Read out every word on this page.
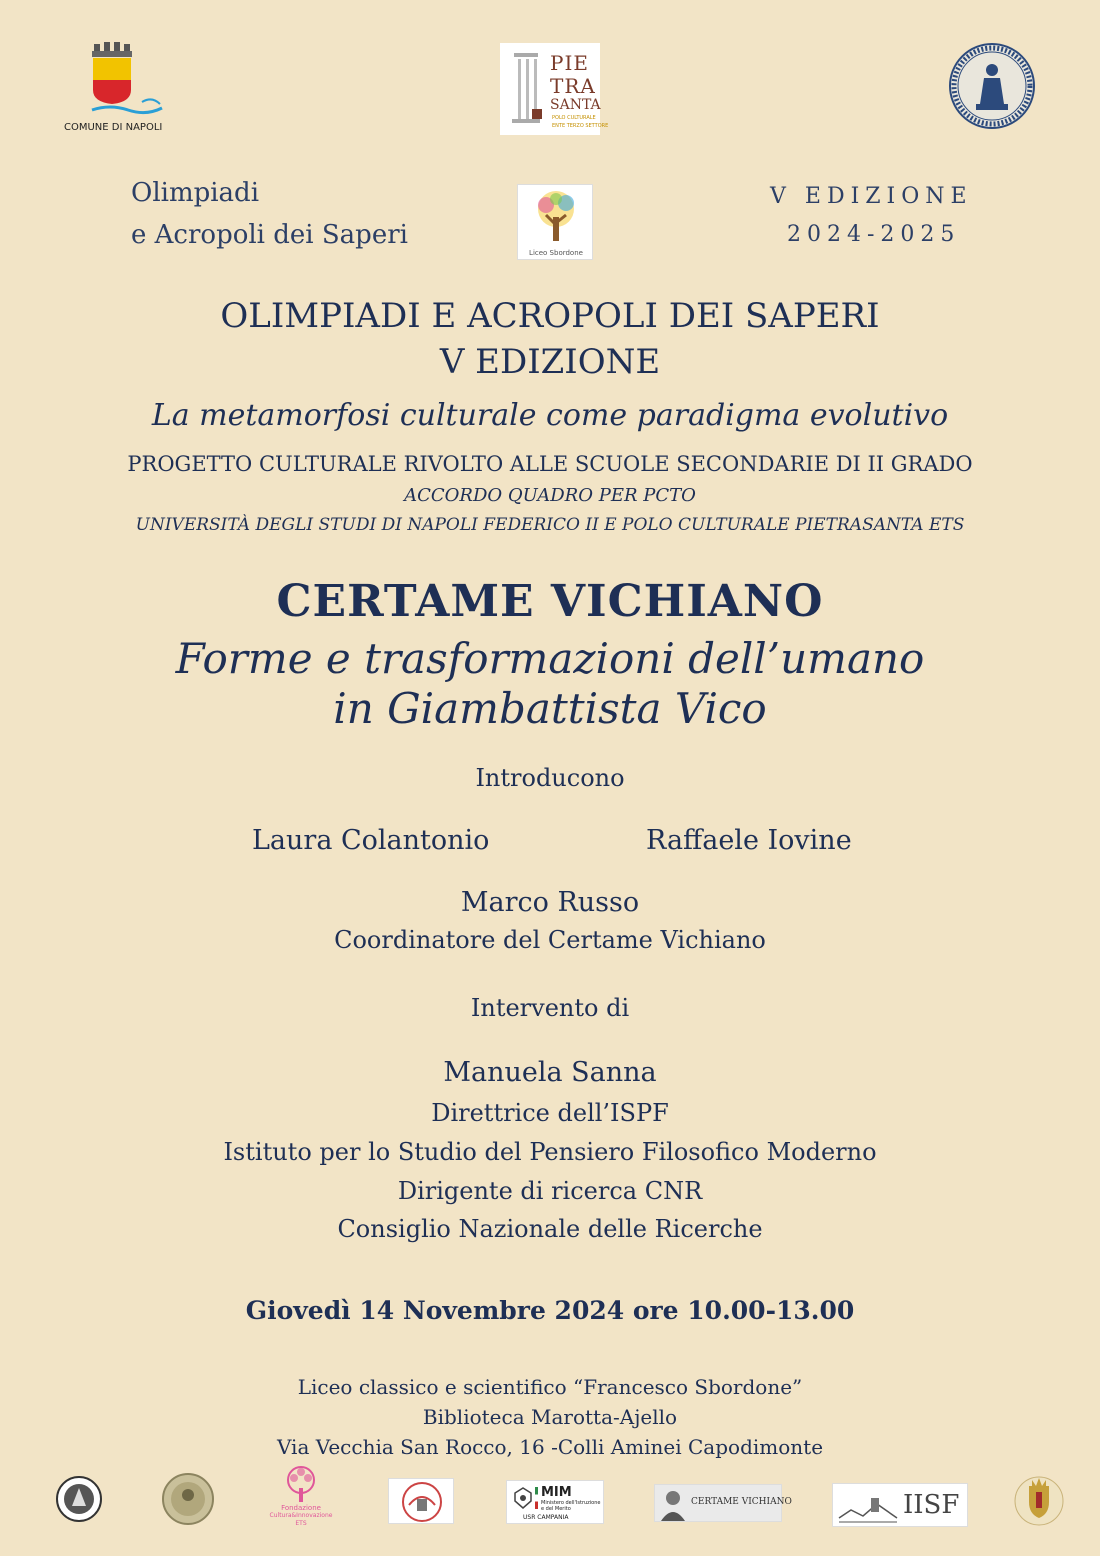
COMUNE DI NAPOLI
PIE
TRA
SANTA
POLO CULTURALE
ENTE TERZO SETTORE
Olimpiadi
e Acropoli dei Saperi
Liceo Sbordone
V EDIZIONE
2024-2025
OLIMPIADI E ACROPOLI DEI SAPERI
V EDIZIONE
La metamorfosi culturale come paradigma evolutivo
PROGETTO CULTURALE RIVOLTO ALLE SCUOLE SECONDARIE DI II GRADO
ACCORDO QUADRO PER PCTO
UNIVERSITÀ DEGLI STUDI DI NAPOLI FEDERICO II E POLO CULTURALE PIETRASANTA ETS
CERTAME VICHIANO
Forme e trasformazioni dell’umano
in Giambattista Vico
Introducono
Laura Colantonio	Raffaele Iovine
Marco Russo
Coordinatore del Certame Vichiano
Intervento di
Manuela Sanna
Direttrice dell’ISPF
Istituto per lo Studio del Pensiero Filosofico Moderno
Dirigente di ricerca CNR
Consiglio Nazionale delle Ricerche
Giovedì 14 Novembre 2024 ore 10.00-13.00
Liceo classico e scientifico “Francesco Sbordone”
Biblioteca Marotta-Ajello
Via Vecchia San Rocco, 16 -Colli Aminei Capodimonte
Fondazione
Cultura&Innovazione
ETS
MIM
Ministero dell'Istruzione
e del Merito
USR CAMPANIA
CERTAME VICHIANO	IISF
